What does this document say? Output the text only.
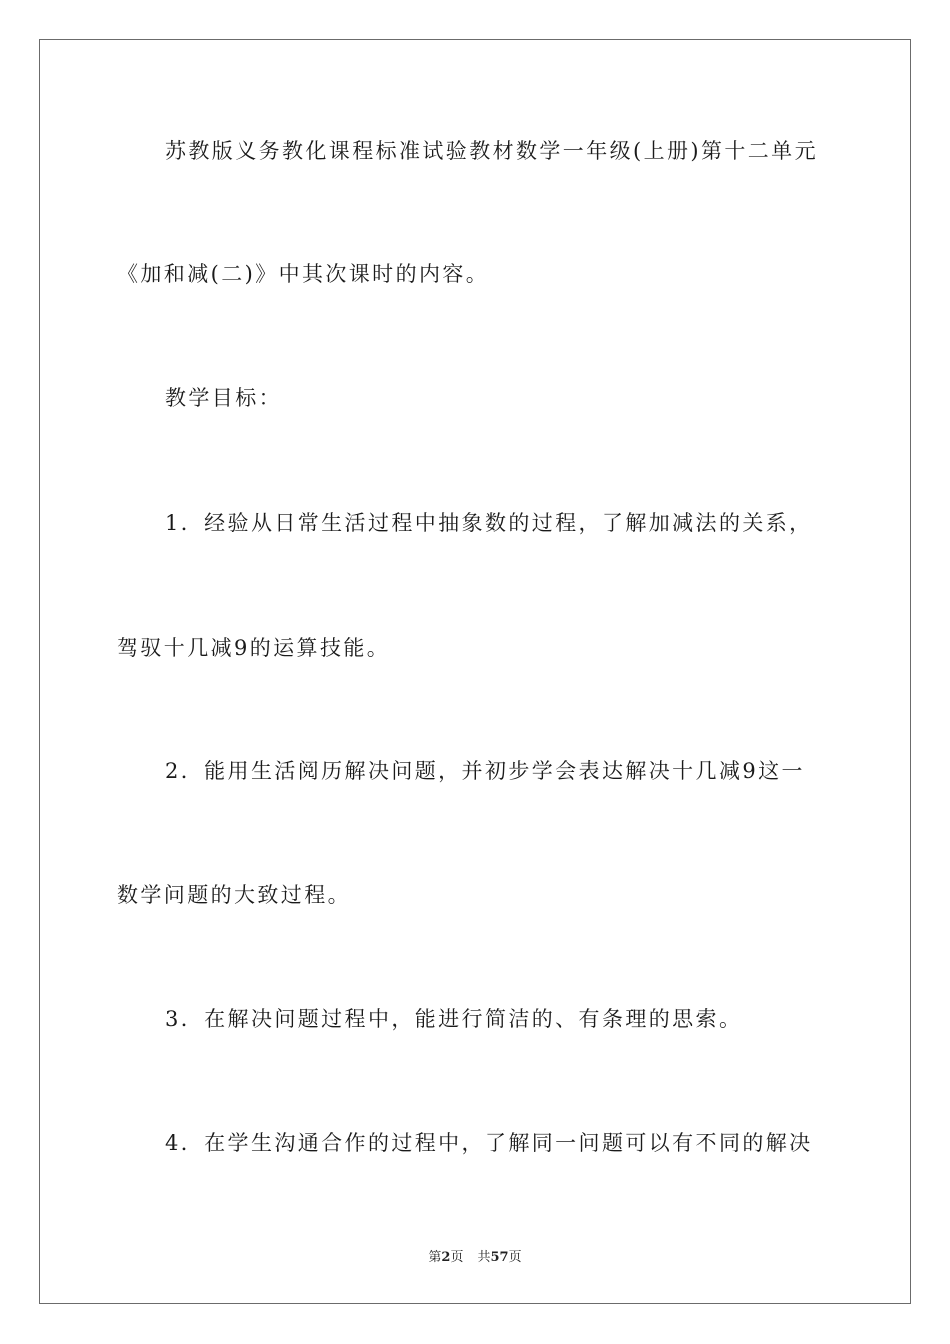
苏教版义务教化课程标准试验教材数学一年级(上册)第十二单元
《加和减(二)》中其次课时的内容。
教学目标：
1．经验从日常生活过程中抽象数的过程，了解加减法的关系，
驾驭十几减9的运算技能。
2．能用生活阅历解决问题，并初步学会表达解决十几减9这一
数学问题的大致过程。
3．在解决问题过程中，能进行简洁的、有条理的思索。
4．在学生沟通合作的过程中，了解同一问题可以有不同的解决
第2页 共57页
